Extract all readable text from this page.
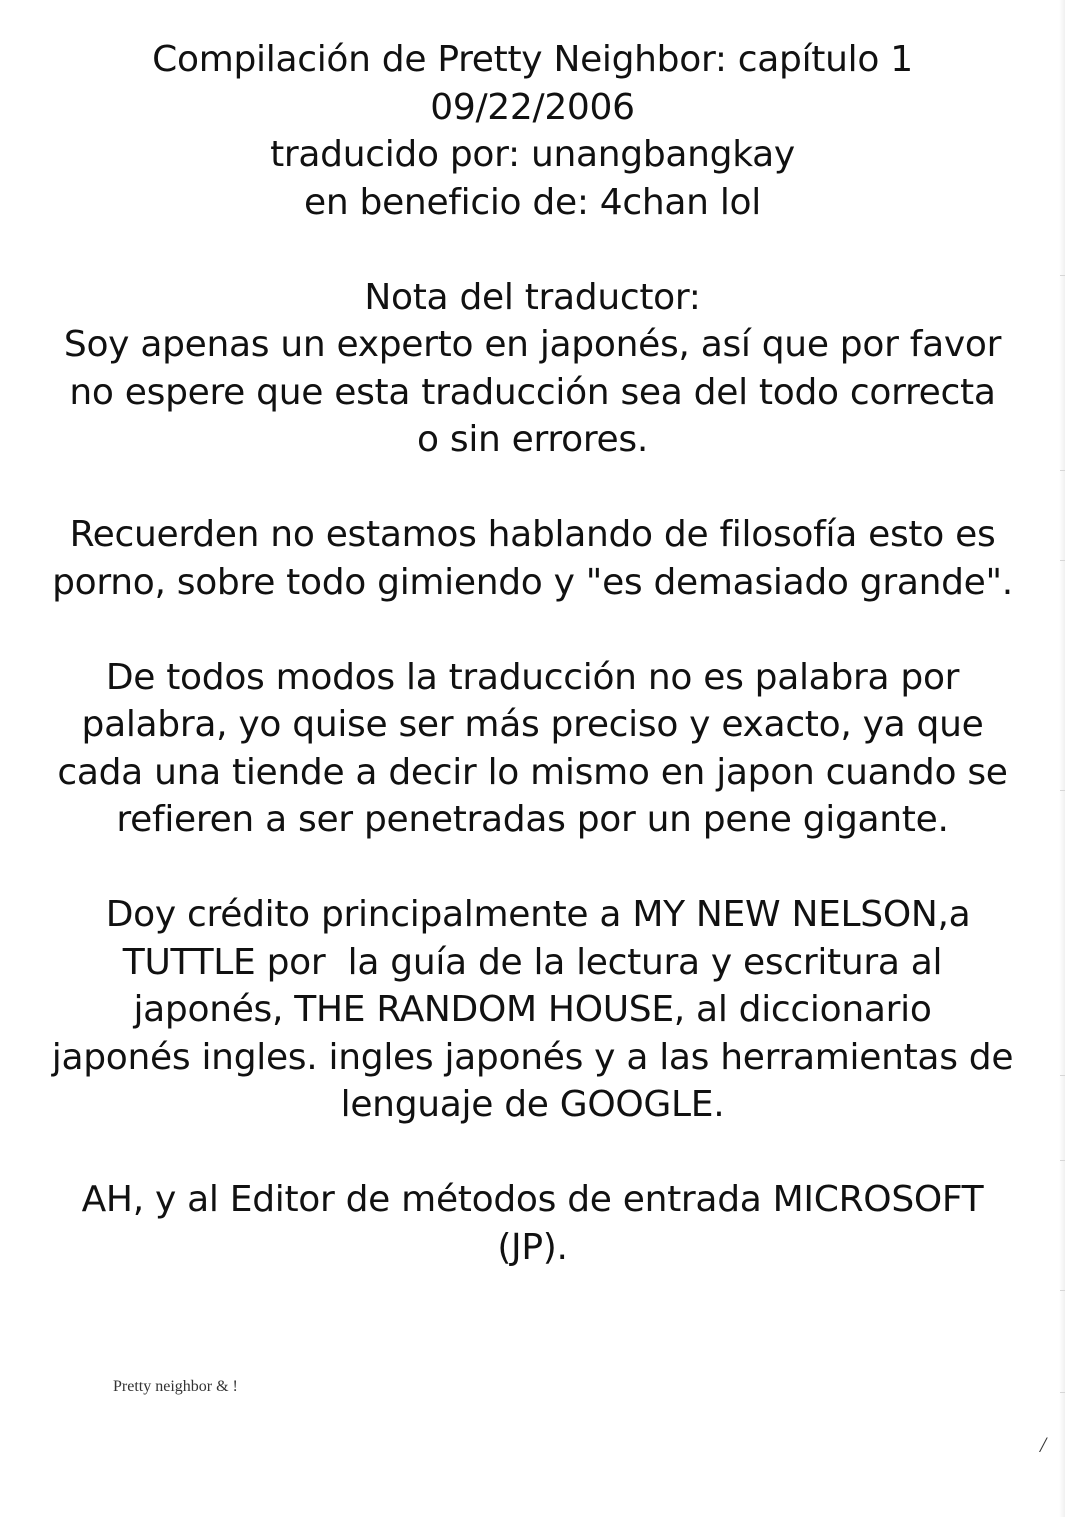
Compilación de Pretty Neighbor: capítulo 1
09/22/2006
traducido por: unangbangkay
en beneficio de: 4chan lol
Nota del traductor:
Soy apenas un experto en japonés, así que por favor
no espere que esta traducción sea del todo correcta
o sin errores.
Recuerden no estamos hablando de filosofía esto es
porno, sobre todo gimiendo y "es demasiado grande".
De todos modos la traducción no es palabra por
palabra, yo quise ser más preciso y exacto, ya que
cada una tiende a decir lo mismo en japon cuando se
refieren a ser penetradas por un pene gigante.
Doy crédito principalmente a MY NEW NELSON,a
TUTTLE por  la guía de la lectura y escritura al
japonés, THE RANDOM HOUSE, al diccionario
japonés ingles. ingles japonés y a las herramientas de
lenguaje de GOOGLE.
AH, y al Editor de métodos de entrada MICROSOFT
(JP).
Pretty neighbor & !
/
